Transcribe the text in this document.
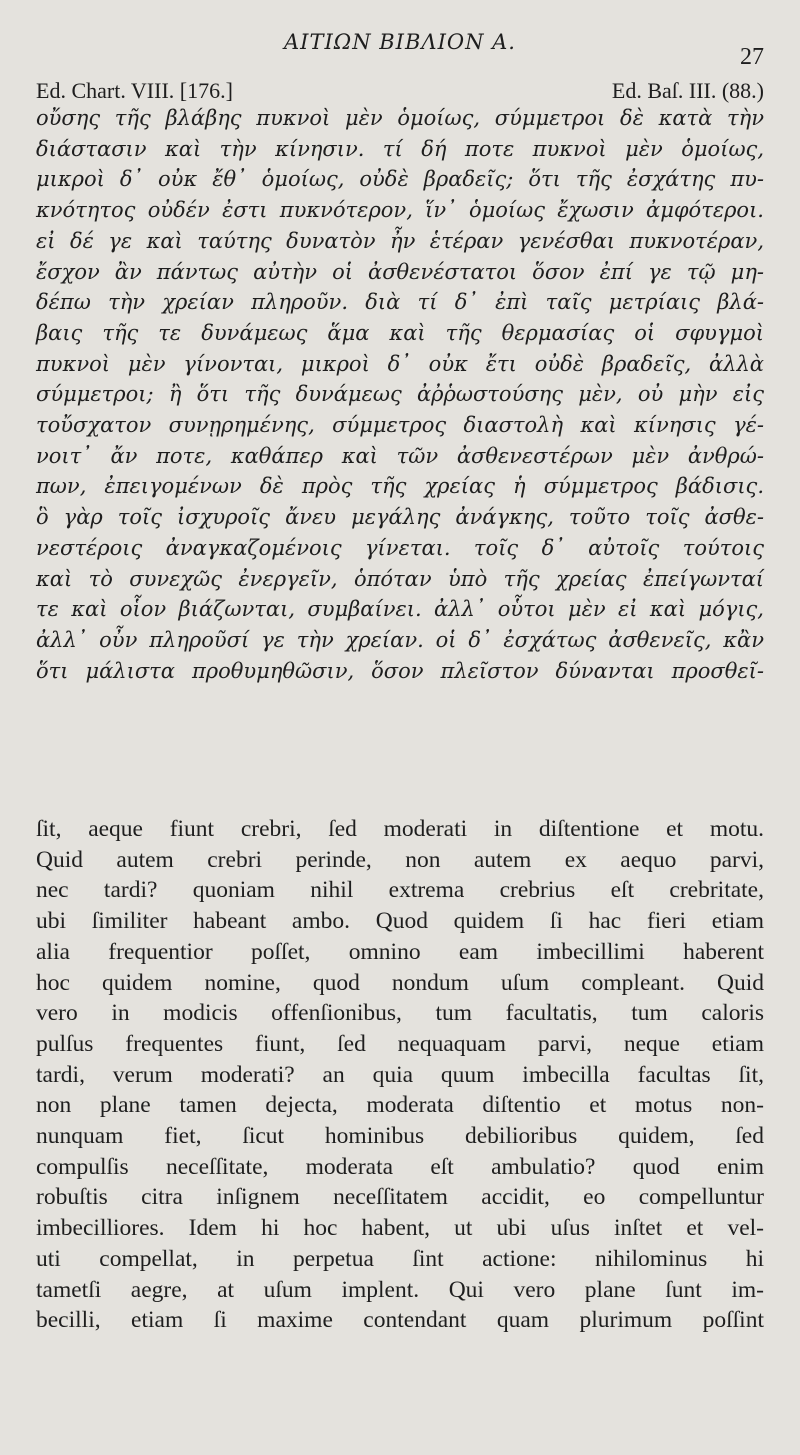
ΑΙΤΙΩΝ ΒΙΒΛΙΟΝ Α.
27
Ed. Chart. VIII. [176.]	Ed. Baſ. III. (88.)
οὔσης τῆς βλάβης πυκνοὶ μὲν ὁμοίως, σύμμετροι δὲ κατὰ τὴν
διάστασιν καὶ τὴν κίνησιν. τί δή ποτε πυκνοὶ μὲν ὁμοίως,
μικροὶ δ᾿ οὐκ ἔθ᾿ ὁμοίως, οὐδὲ βραδεῖς; ὅτι τῆς ἐσχάτης πυ-
κνότητος οὐδέν ἐστι πυκνότερον, ἵν᾿ ὁμοίως ἔχωσιν ἀμφότεροι.
εἰ δέ γε καὶ ταύτης δυνατὸν ἦν ἑτέραν γενέσθαι πυκνοτέραν,
ἔσχον ἂν πάντως αὐτὴν οἱ ἀσθενέστατοι ὅσον ἐπί γε τῷ μη-
δέπω τὴν χρείαν πληροῦν. διὰ τί δ᾿ ἐπὶ ταῖς μετρίαις βλά-
βαις τῆς τε δυνάμεως ἅμα καὶ τῆς θερμασίας οἱ σφυγμοὶ
πυκνοὶ μὲν γίνονται, μικροὶ δ᾿ οὐκ ἔτι οὐδὲ βραδεῖς, ἀλλὰ
σύμμετροι; ἢ ὅτι τῆς δυνάμεως ἀῤῥωστούσης μὲν, οὐ μὴν εἰς
τοὔσχατον συνῃρημένης, σύμμετρος διαστολὴ καὶ κίνησις γέ-
νοιτ᾿ ἄν ποτε, καθάπερ καὶ τῶν ἀσθενεστέρων μὲν ἀνθρώ-
πων, ἐπειγομένων δὲ πρὸς τῆς χρείας ἡ σύμμετρος βάδισις.
ὃ γὰρ τοῖς ἰσχυροῖς ἄνευ μεγάλης ἀνάγκης, τοῦτο τοῖς ἀσθε-
νεστέροις ἀναγκαζομένοις γίνεται. τοῖς δ᾿ αὐτοῖς τούτοις
καὶ τὸ συνεχῶς ἐνεργεῖν, ὁπόταν ὑπὸ τῆς χρείας ἐπείγωνταί
τε καὶ οἷον βιάζωνται, συμβαίνει. ἀλλ᾿ οὗτοι μὲν εἰ καὶ μόγις,
ἀλλ᾿ οὖν πληροῦσί γε τὴν χρείαν. οἱ δ᾿ ἐσχάτως ἀσθενεῖς, κἂν
ὅτι μάλιστα προθυμηθῶσιν, ὅσον πλεῖστον δύνανται προσθεῖ-
ſit, aeque fiunt crebri, ſed moderati in diſtentione et motu.
Quid autem crebri perinde, non autem ex aequo parvi,
nec tardi? quoniam nihil extrema crebrius eſt crebritate,
ubi ſimiliter habeant ambo. Quod quidem ſi hac fieri etiam
alia frequentior poſſet, omnino eam imbecillimi haberent
hoc quidem nomine, quod nondum uſum compleant. Quid
vero in modicis offenſionibus, tum facultatis, tum caloris
pulſus frequentes fiunt, ſed nequaquam parvi, neque etiam
tardi, verum moderati? an quia quum imbecilla facultas ſit,
non plane tamen dejecta, moderata diſtentio et motus non-
nunquam fiet, ſicut hominibus debilioribus quidem, ſed
compulſis neceſſitate, moderata eſt ambulatio? quod enim
robuſtis citra inſignem neceſſitatem accidit, eo compelluntur
imbecilliores. Idem hi hoc habent, ut ubi uſus inſtet et vel-
uti compellat, in perpetua ſint actione: nihilominus hi
tametſi aegre, at uſum implent. Qui vero plane ſunt im-
becilli, etiam ſi maxime contendant quam plurimum poſſint
